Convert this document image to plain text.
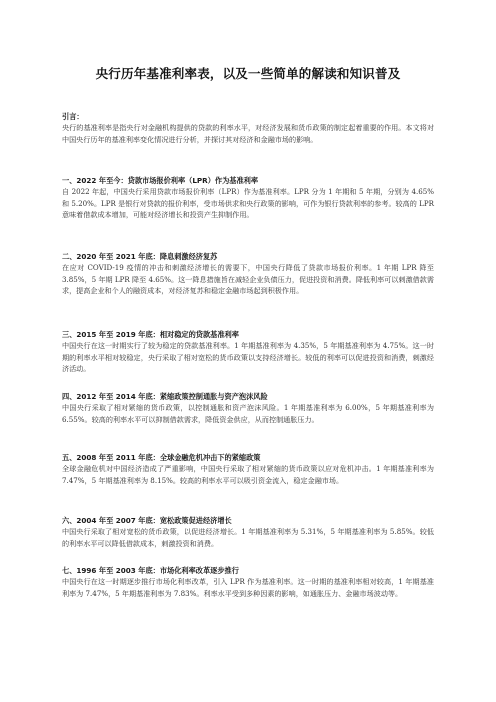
央行历年基准利率表，以及一些简单的解读和知识普及

引言：

央行的基准利率是指央行对金融机构提供的贷款的利率水平，对经济发展和货币政策的制定起着重要的作用。本文将对中国央行历年的基准利率变化情况进行分析，并探讨其对经济和金融市场的影响。

一、2022 年至今：贷款市场报价利率（LPR）作为基准利率

自 2022 年起，中国央行采用贷款市场报价利率（LPR）作为基准利率。LPR 分为 1 年期和 5 年期，分别为 4.65%和 5.20%。LPR 是银行对贷款的报价利率，受市场供求和央行政策的影响，可作为银行贷款利率的参考。较高的 LPR 意味着借款成本增加，可能对经济增长和投资产生抑制作用。

二、2020 年至 2021 年底：降息刺激经济复苏

在应对 COVID-19 疫情的冲击和刺激经济增长的需要下，中国央行降低了贷款市场报价利率。1 年期 LPR 降至 3.85%，5 年期 LPR 降至 4.65%。这一降息措施旨在减轻企业负债压力，促进投资和消费。降低利率可以刺激借款需求，提高企业和个人的融资成本，对经济复苏和稳定金融市场起到积极作用。

三、2015 年至 2019 年底：相对稳定的贷款基准利率

中国央行在这一时期实行了较为稳定的贷款基准利率。1 年期基准利率为 4.35%，5 年期基准利率为 4.75%。这一时期的利率水平相对较稳定，央行采取了相对宽松的货币政策以支持经济增长。较低的利率可以促进投资和消费，刺激经济活动。

四、2012 年至 2014 年底：紧缩政策控制通胀与资产泡沫风险

中国央行采取了相对紧缩的货币政策，以控制通胀和资产泡沫风险。1 年期基准利率为 6.00%，5 年期基准利率为 6.55%。较高的利率水平可以抑制借款需求，降低资金供应，从而控制通胀压力。

五、2008 年至 2011 年底：全球金融危机冲击下的紧缩政策

全球金融危机对中国经济造成了严重影响，中国央行采取了相对紧缩的货币政策以应对危机冲击。1 年期基准利率为 7.47%，5 年期基准利率为 8.15%。较高的利率水平可以吸引资金流入，稳定金融市场。

六、2004 年至 2007 年底：宽松政策促进经济增长

中国央行采取了相对宽松的货币政策，以促进经济增长。1 年期基准利率为 5.31%，5 年期基准利率为 5.85%。较低的利率水平可以降低借款成本，刺激投资和消费。

七、1996 年至 2003 年底：市场化利率改革逐步推行

中国央行在这一时期逐步推行市场化利率改革，引入 LPR 作为基准利率。这一时期的基准利率相对较高，1 年期基准利率为 7.47%，5 年期基准利率为 7.83%。利率水平受到多种因素的影响，如通胀压力、金融市场波动等。
